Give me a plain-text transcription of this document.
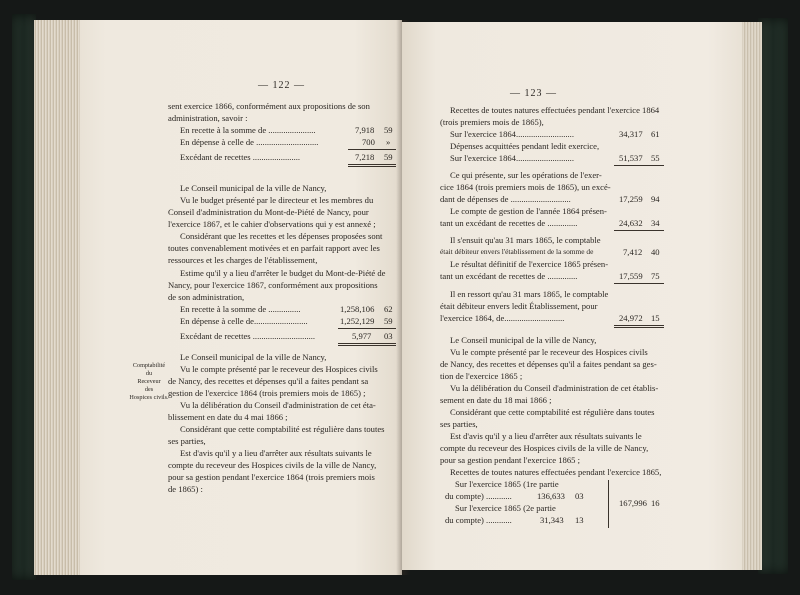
— 122 —
sent exercice 1866, conformément aux propositions de son
administration, savoir :
En recette à la somme de ......................	7,918 59
En dépense à celle de .............................	700 »
Excédant de recettes ......................	7,218 59
Le Conseil municipal de la ville de Nancy,
Vu le budget présenté par le directeur et les membres du
Conseil d'administration du Mont-de-Piété de Nancy, pour
l'exercice 1867, et le cahier d'observations qui y est annexé ;
Considérant que les recettes et les dépenses proposées sont
toutes convenablement motivées et en parfait rapport avec les
ressources et les charges de l'établissement,
Estime qu'il y a lieu d'arrêter le budget du Mont-de-Piété de
Nancy, pour l'exercice 1867, conformément aux propositions
de son administration,
En recette à la somme de ...............	1,258,106 62
En dépense à celle de.........................	1,252,129 59
Excédant de recettes .............................	5,977 03
Le Conseil municipal de la ville de Nancy,
Comptabilité
du
Receveur
des
Hospices civils.
Vu le compte présenté par le receveur des Hospices civils
de Nancy, des recettes et dépenses qu'il a faites pendant sa
gestion de l'exercice 1864 (trois premiers mois de 1865) ;
Vu la délibération du Conseil d'administration de cet éta-
blissement en date du 4 mai 1866 ;
Considérant que cette comptabilité est régulière dans toutes
ses parties,
Est d'avis qu'il y a lieu d'arrêter aux résultats suivants le
compte du receveur des Hospices civils de la ville de Nancy,
pour sa gestion pendant l'exercice 1864 (trois premiers mois
de 1865) :
— 123 —
Recettes de toutes natures effectuées pendant l'exercice 1864
(trois premiers mois de 1865),
Sur l'exercice 1864...........................	34,317 61
Dépenses acquittées pendant ledit exercice,
Sur l'exercice 1864...........................	51,537 55
Ce qui présente, sur les opérations de l'exer-
cice 1864 (trois premiers mois de 1865), un excé-
dant de dépenses de ............................	17,259 94
Le compte de gestion de l'année 1864 présen-
tant un excédant de recettes de ..............	24,632 34
Il s'ensuit qu'au 31 mars 1865, le comptable
était débiteur envers l'établissement de la somme de	7,412 40
Le résultat définitif de l'exercice 1865 présen-
tant un excédant de recettes de ..............	17,559 75
Il en ressort qu'au 31 mars 1865, le comptable
était débiteur envers ledit Établissement, pour
l'exercice 1864, de............................	24,972 15
Le Conseil municipal de la ville de Nancy,
Vu le compte présenté par le receveur des Hospices civils
de Nancy, des recettes et dépenses qu'il a faites pendant sa ges-
tion de l'exercice 1865 ;
Vu la délibération du Conseil d'administration de cet établis-
sement en date du 18 mai 1866 ;
Considérant que cette comptabilité est régulière dans toutes
ses parties,
Est d'avis qu'il y a lieu d'arrêter aux résultats suivants le
compte du receveur des Hospices civils de la ville de Nancy,
pour sa gestion pendant l'exercice 1865 ;
Recettes de toutes natures effectuées pendant l'exercice 1865,
Sur l'exercice 1865 (1re partie
du compte) ............	136,633 03
Sur l'exercice 1865 (2e partie
du compte) ............	31,343 13
167,996 16
